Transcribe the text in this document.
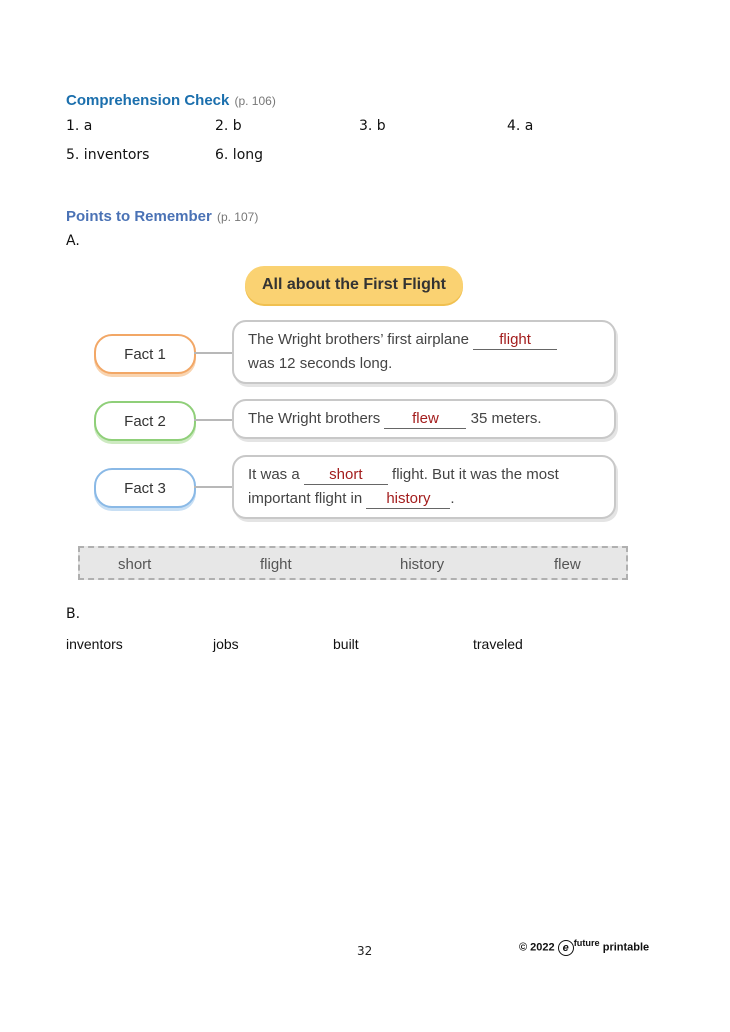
Comprehension Check (p. 106)
1. a	2. b	3. b	4. a
5. inventors	6. long
Points to Remember (p. 107)
A.
All about the First Flight
Fact 1
The Wright brothers’ first airplane flight
was 12 seconds long.
Fact 2	The Wright brothers flew 35 meters.
Fact 3
It was a short flight. But it was the most
important flight in history .
short	flight	history	flew
B.
inventors	jobs	built	traveled
32	© 2022 e $^{future}$ printable
